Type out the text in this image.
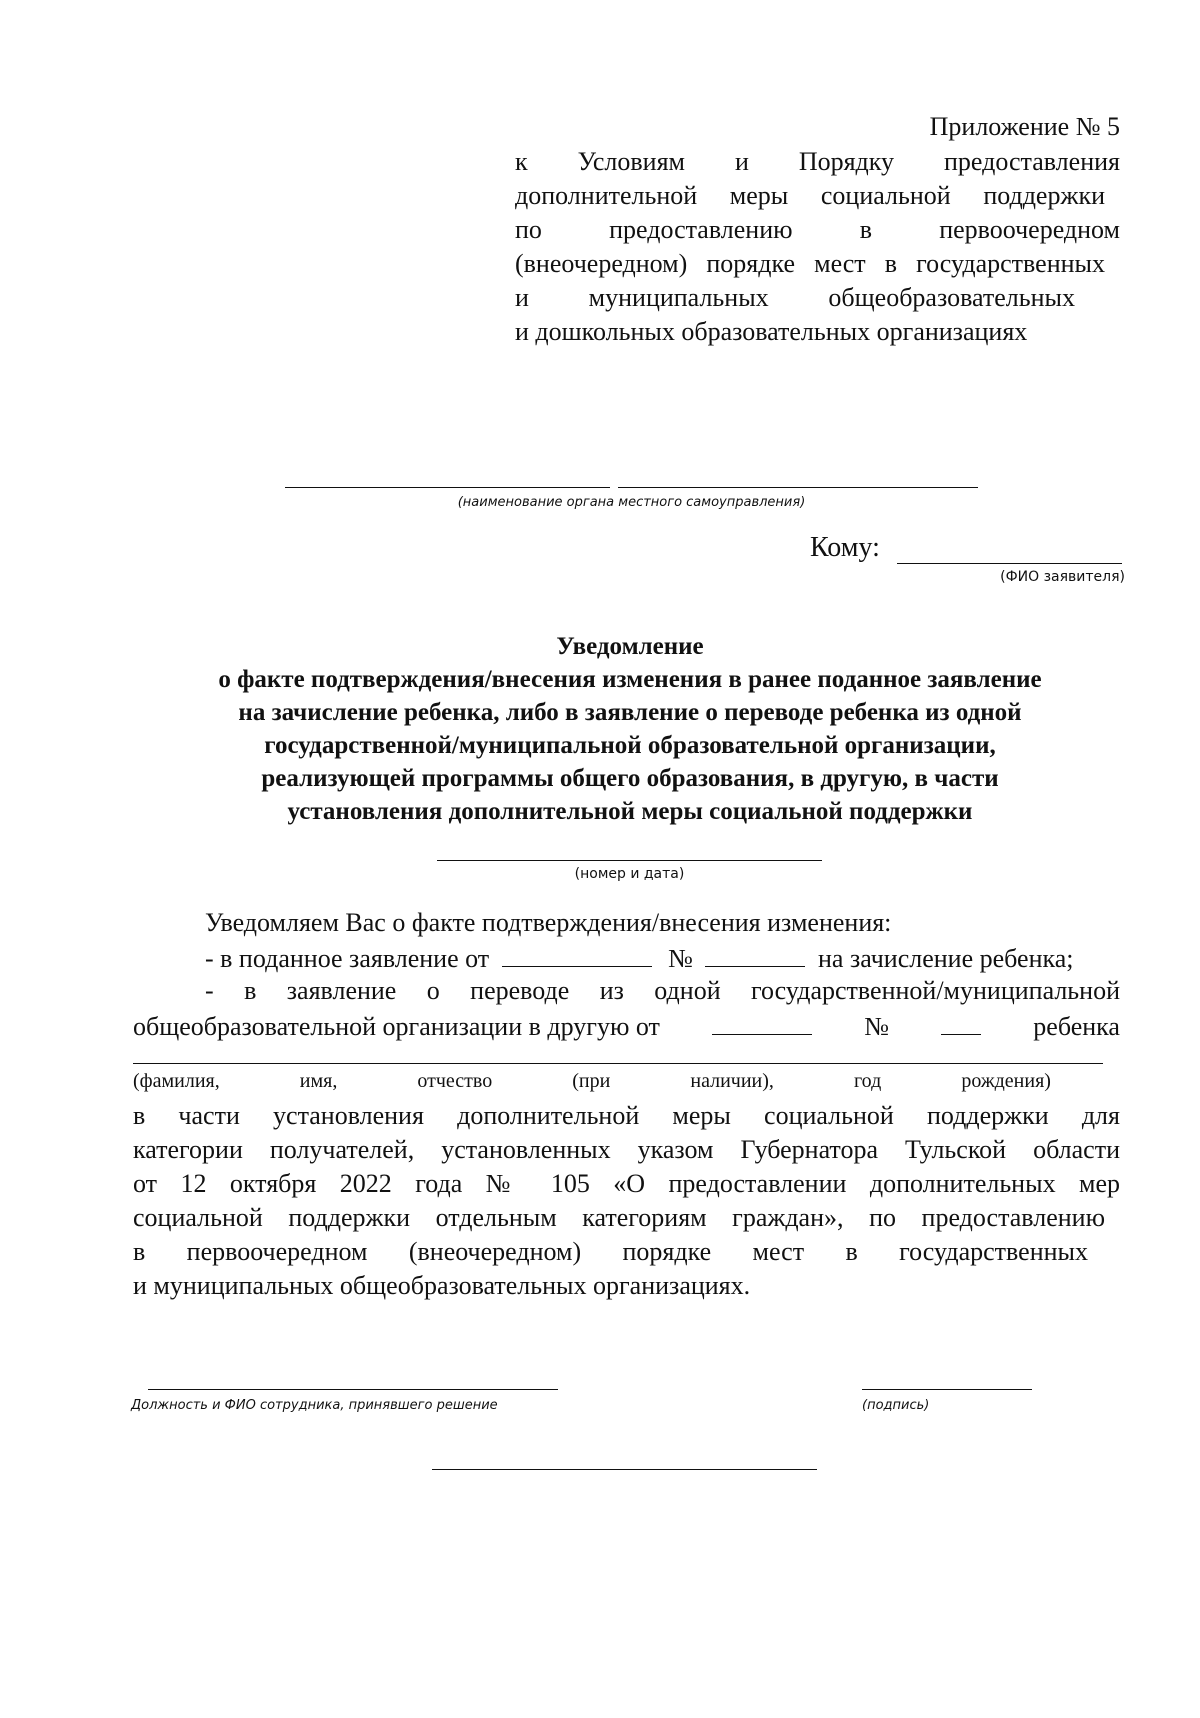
Приложение № 5
к Условиям и Порядку предоставления
дополнительной меры социальной поддержки
по предоставлению в первоочередном
(внеочередном) порядке мест в государственных
и муниципальных общеобразовательных
и дошкольных образовательных организациях
(наименование органа местного самоуправления)
Кому:
(ФИО заявителя)
Уведомление
о факте подтверждения/внесения изменения в ранее поданное заявление
на зачисление ребенка, либо в заявление о переводе ребенка из одной
государственной/муниципальной образовательной организации,
реализующей программы общего образования, в другую, в части
установления дополнительной меры социальной поддержки
(номер и дата)
Уведомляем Вас о факте подтверждения/внесения изменения:
- в поданное заявление от	№	на зачисление ребенка;
- в заявление о переводе из одной государственной/муниципальной
общеобразовательной организации в другую от	№	ребенка
(фамилия,	имя,	отчество	(при	наличии),	год	рождения)
в части установления дополнительной меры социальной поддержки для
категории получателей, установленных указом Губернатора Тульской области
от 12 октября 2022 года № 105 «О предоставлении дополнительных мер
социальной поддержки отдельным категориям граждан», по предоставлению
в первоочередном (внеочередном) порядке мест в государственных
и муниципальных общеобразовательных организациях.
Должность и ФИО сотрудника, принявшего решение	(подпись)
